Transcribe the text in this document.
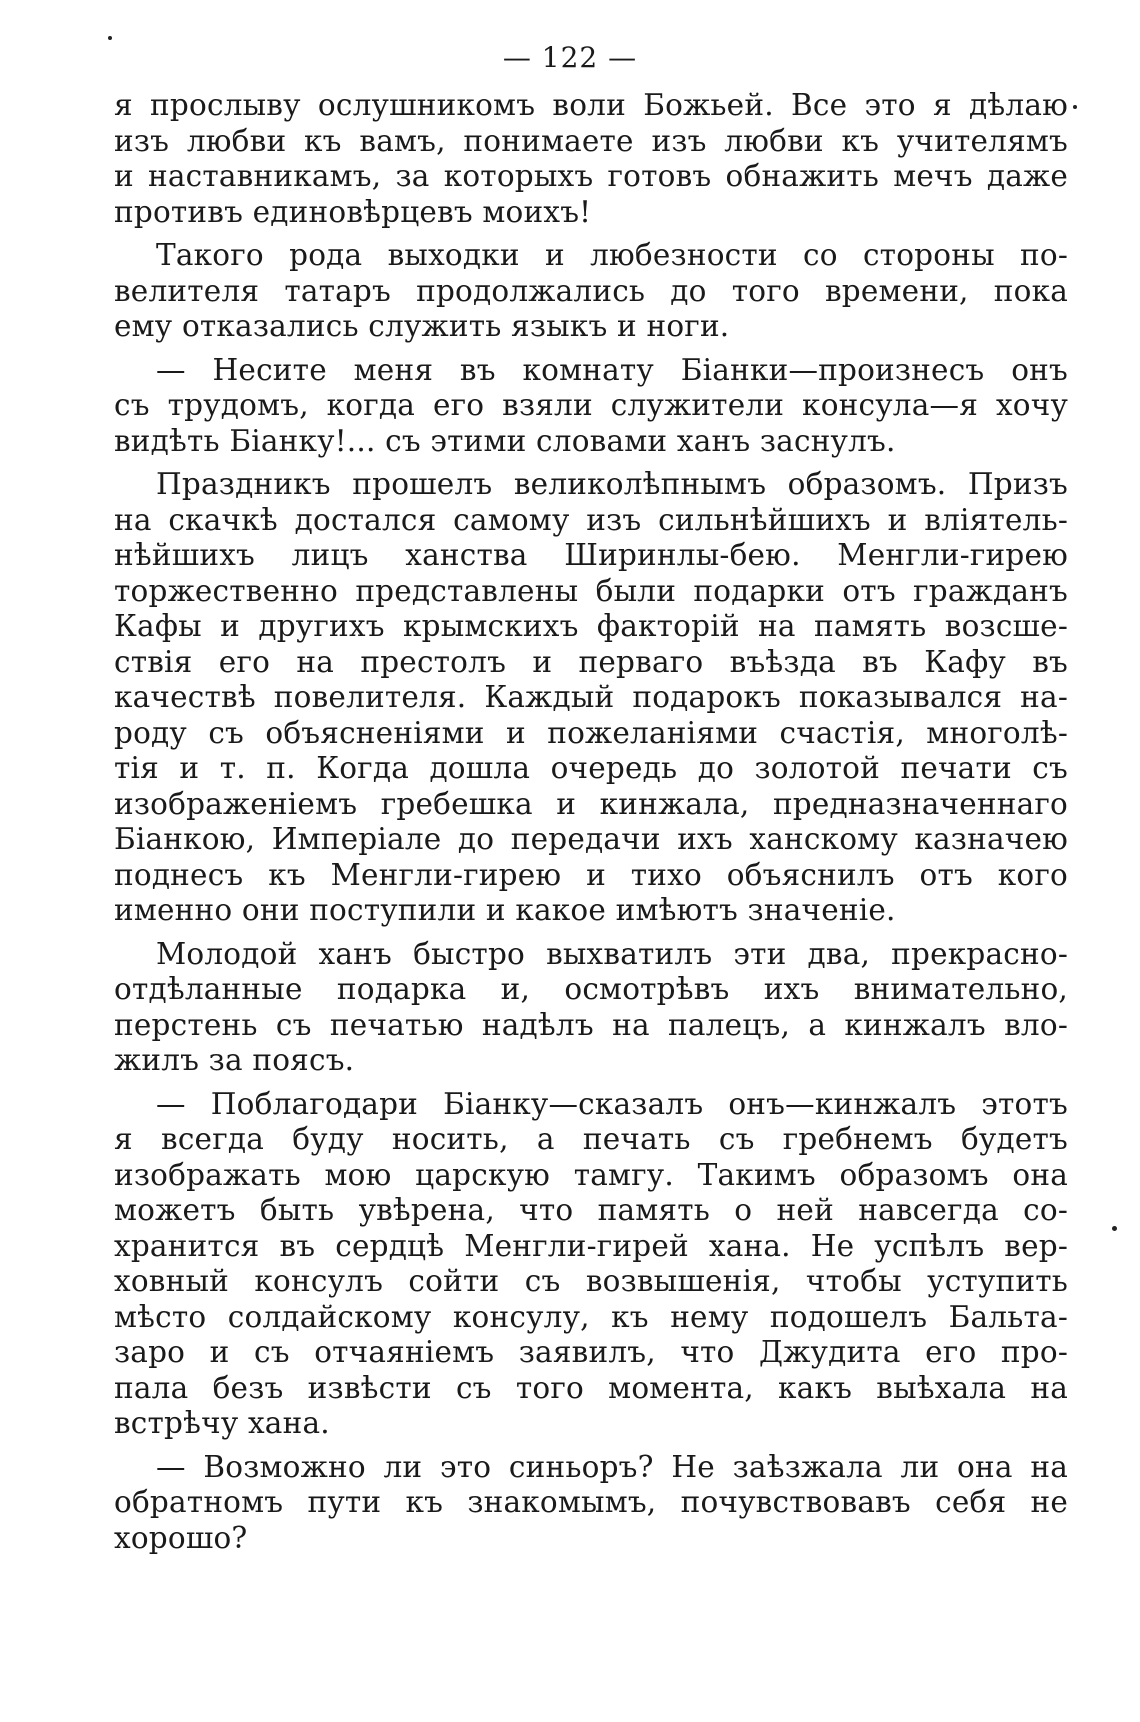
— 122 —
я прослыву ослушникомъ воли Божьей. Все это я дѣлаю
изъ любви къ вамъ, понимаете изъ любви къ учителямъ
и наставникамъ, за которыхъ готовъ обнажить мечъ даже
противъ единовѣрцевъ моихъ!
Такого рода выходки и любезности со стороны по-
велителя татаръ продолжались до того времени, пока
ему отказались служить языкъ и ноги.
— Несите меня въ комнату Біанки—произнесъ онъ
съ трудомъ, когда его взяли служители консула—я хочу
видѣть Біанку!... съ этими словами ханъ заснулъ.
Праздникъ прошелъ великолѣпнымъ образомъ. Призъ
на скачкѣ достался самому изъ сильнѣйшихъ и вліятель-
нѣйшихъ лицъ ханства Ширинлы-бею. Менгли-гирею
торжественно представлены были подарки отъ гражданъ
Кафы и другихъ крымскихъ факторій на память возсше-
ствія его на престолъ и перваго въѣзда въ Кафу въ
качествѣ повелителя. Каждый подарокъ показывался на-
роду съ объясненіями и пожеланіями счастія, многолѣ-
тія и т. п. Когда дошла очередь до золотой печати съ
изображеніемъ гребешка и кинжала, предназначеннаго
Біанкою, Импеpiале до передачи ихъ ханскому казначею
поднесъ къ Менгли-гирею и тихо объяснилъ отъ кого
именно они поступили и какое имѣютъ значеніе.
Молодой ханъ быстро выхватилъ эти два, прекрасно-
отдѣланные подарка и, осмотрѣвъ ихъ внимательно,
перстень съ печатью надѣлъ на палецъ, а кинжалъ вло-
жилъ за поясъ.
— Поблагодари Біанку—сказалъ онъ—кинжалъ этотъ
я всегда буду носить, а печать съ гребнемъ будетъ
изображать мою царскую тамгу. Такимъ образомъ она
можетъ быть увѣрена, что память о ней навсегда со-
хранится въ сердцѣ Менгли-гирей хана. Не успѣлъ вер-
ховный консулъ сойти съ возвышенія, чтобы уступить
мѣсто солдайскому консулу, къ нему подошелъ Бальта-
заро и съ отчаяніемъ заявилъ, что Джудита его про-
пала безъ извѣсти съ того момента, какъ выѣхала на
встрѣчу хана.
— Возможно ли это синьоръ? Не заѣзжала ли она на
обратномъ пути къ знакомымъ, почувствовавъ себя не
хорошо?
